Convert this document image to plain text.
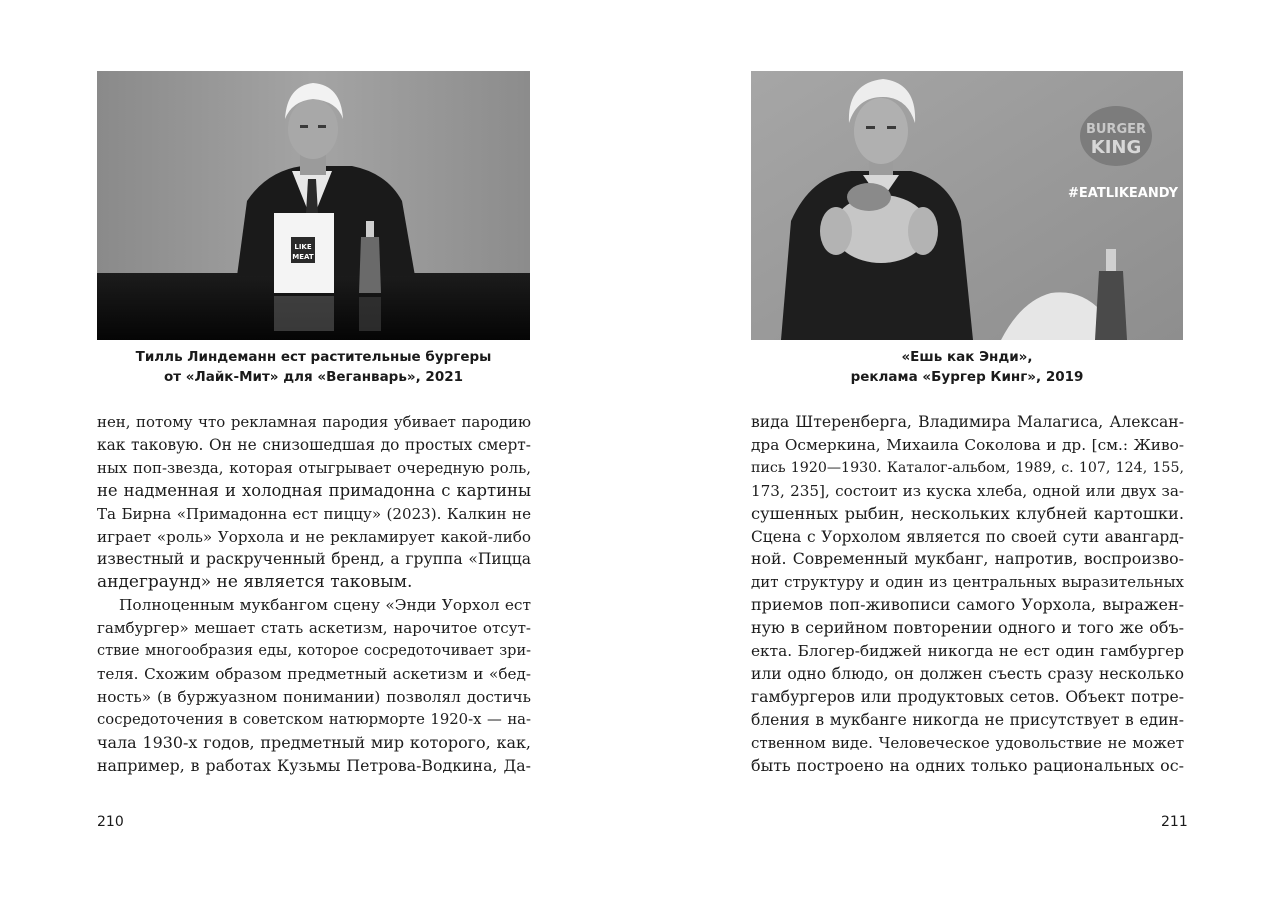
LIKE
MEAT
Тилль Линдеманн ест растительные бургеры
от «Лайк-Мит» для «Веганварь», 2021
нен, потому что рекламная пародия убивает пародию
как таковую. Он не снизошедшая до простых смерт-
ных поп-звезда, которая отыгрывает очередную роль,
не надменная и холодная примадонна с картины
Та Бирна «Примадонна ест пиццу» (2023). Калкин не
играет «роль» Уорхола и не рекламирует какой-либо
известный и раскрученный бренд, а группа «Пицца
андеграунд» не является таковым.
Полноценным мукбангом сцену «Энди Уорхол ест
гамбургер» мешает стать аскетизм, нарочитое отсут-
ствие многообразия еды, которое сосредоточивает зри-
теля. Схожим образом предметный аскетизм и «бед-
ность» (в буржуазном понимании) позволял достичь
сосредоточения в советском натюрморте 1920-х — на-
чала 1930-х годов, предметный мир которого, как,
например, в работах Кузьмы Петрова-Водкина, Да-
210
BURGER
KING
#EATLIKEANDY
«Ешь как Энди»,
реклама «Бургер Кинг», 2019
вида Штеренберга, Владимира Малагиса, Алексан-
дра Осмеркина, Михаила Соколова и др. [см.: Живо-
пись 1920—1930. Каталог-альбом, 1989, с. 107, 124, 155,
173, 235], состоит из куска хлеба, одной или двух за-
сушенных рыбин, нескольких клубней картошки.
Сцена с Уорхолом является по своей сути авангард-
ной. Современный мукбанг, напротив, воспроизво-
дит структуру и один из центральных выразительных
приемов поп-живописи самого Уорхола, выражен-
ную в серийном повторении одного и того же объ-
екта. Блогер-биджей никогда не ест один гамбургер
или одно блюдо, он должен съесть сразу несколько
гамбургеров или продуктовых сетов. Объект потре-
бления в мукбанге никогда не присутствует в един-
ственном виде. Человеческое удовольствие не может
быть построено на одних только рациональных ос-
211
